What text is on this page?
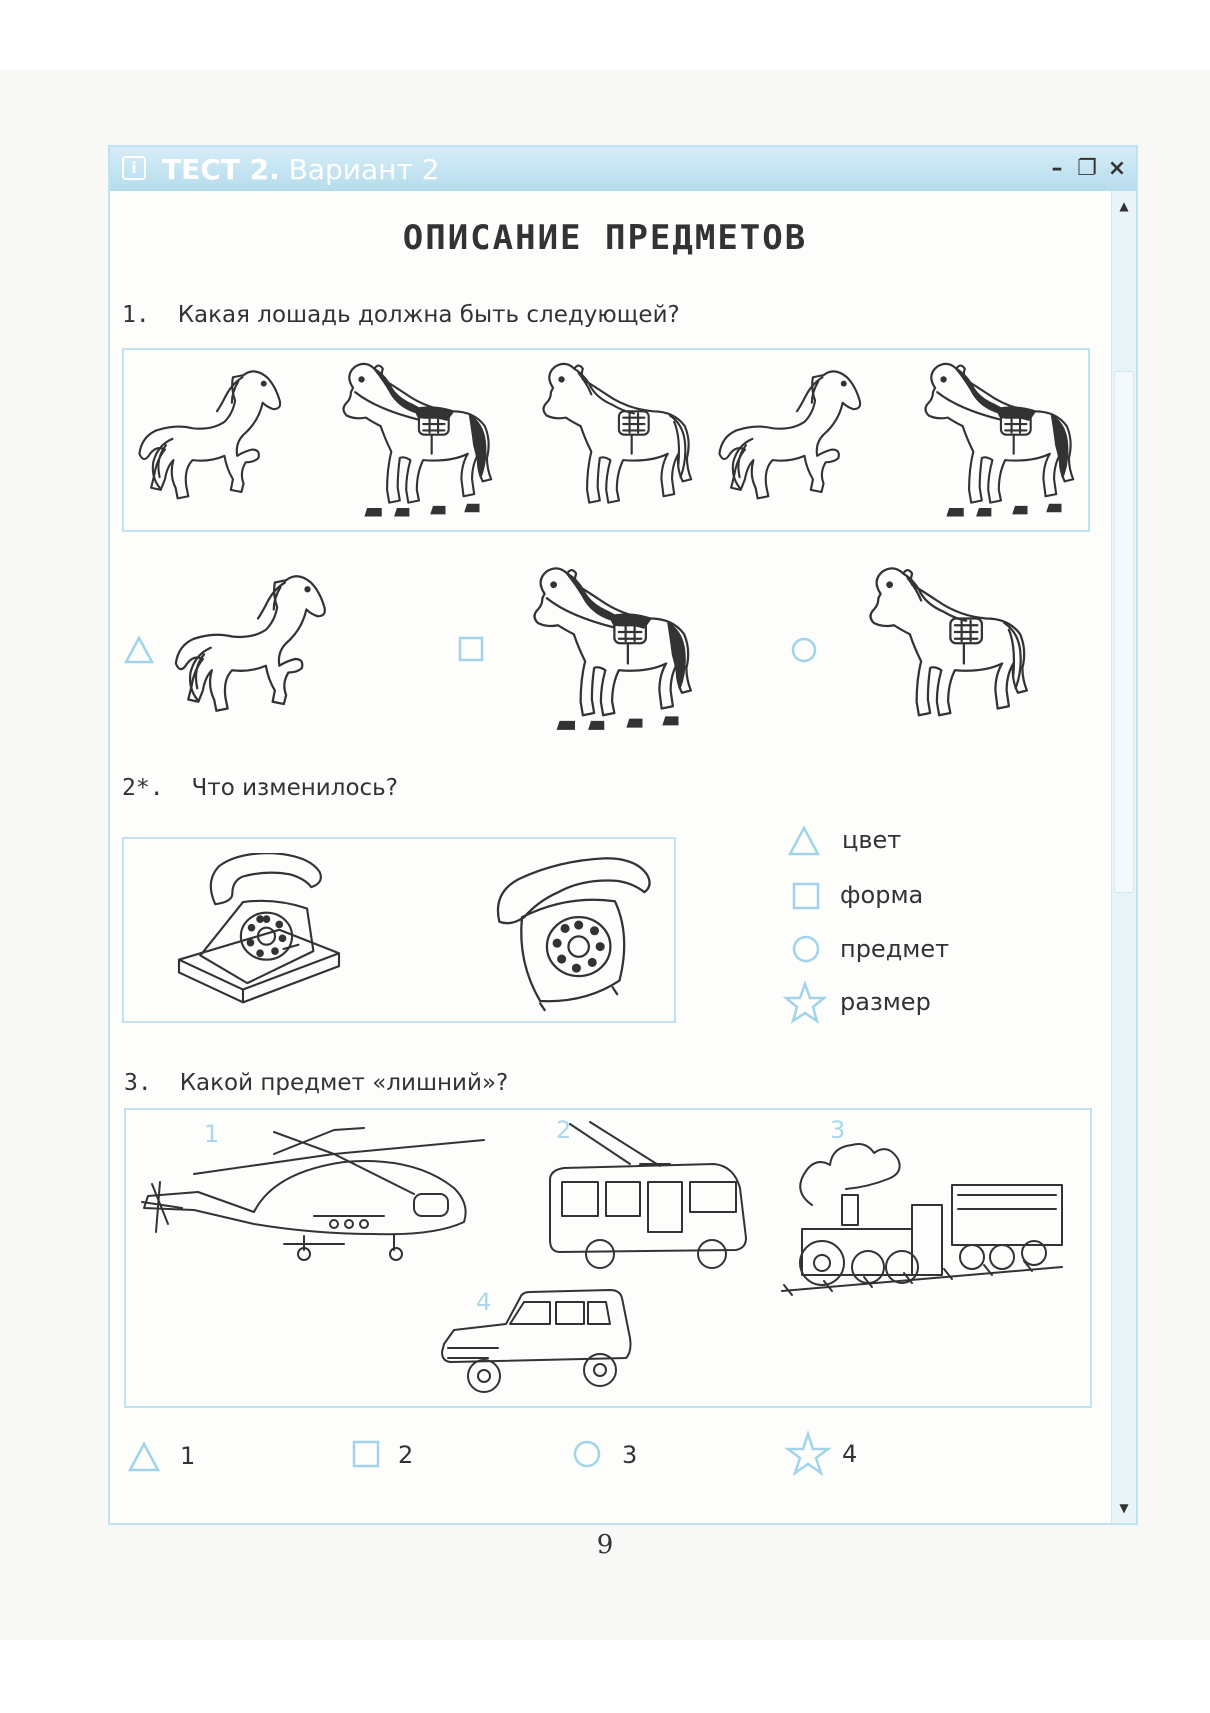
i ТЕСТ 2. Вариант 2	– ❐ ×
▲
▼
ОПИСАНИЕ ПРЕДМЕТОВ
1. Какая лошадь должна быть следующей?
2*. Что изменилось?
цвет
форма
предмет
размер
3. Какой предмет «лишний»?
1	2	3
4
1	2	3	4
9
